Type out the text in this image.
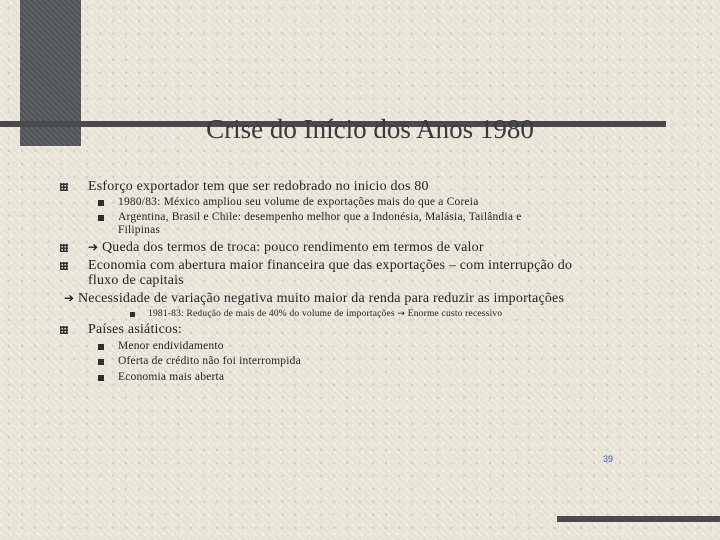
Crise do Início dos Anos 1980
Esforço exportador tem que ser redobrado no inicio dos 80
1980/83: México ampliou seu volume de exportações mais do que a Coreia
Argentina, Brasil e Chile: desempenho melhor que a Indonésia, Malásia, Tailândia e
Filipinas
➔ Queda dos termos de troca: pouco rendimento em termos de valor
Economia com abertura maior financeira que das exportações – com interrupção do
fluxo de capitais
➔ Necessidade de variação negativa muito maior da renda para reduzir as importações
1981-83: Redução de mais de 40% do volume de importações → Enorme custo recessivo
Países asiáticos:
Menor endividamento
Oferta de crédito não foi interrompida
Economia mais aberta
39
